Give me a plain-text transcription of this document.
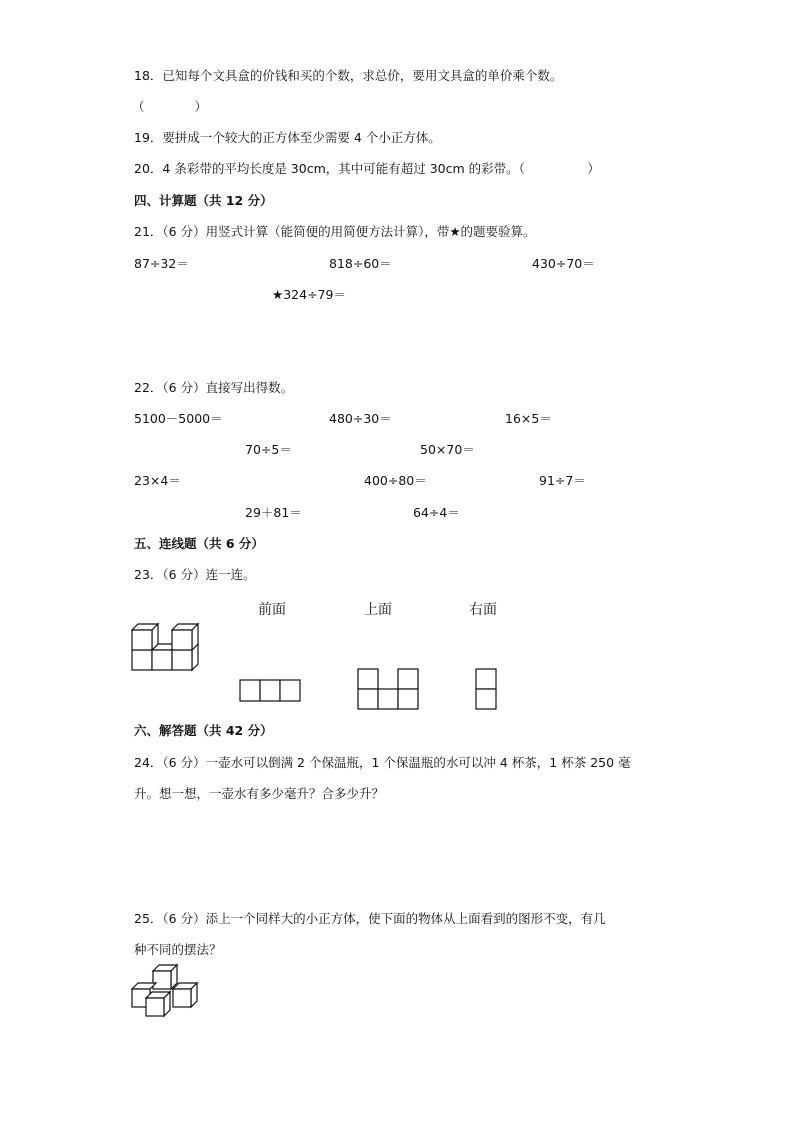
18．已知每个文具盒的价钱和买的个数，求总价，要用文具盒的单价乘个数。
（　　　　）
19．要拼成一个较大的正方体至少需要 4 个小正方体。
20．4 条彩带的平均长度是 30cm，其中可能有超过 30cm 的彩带。（　　　　　）
四、计算题（共 12 分）
21．（6 分）用竖式计算（能简便的用简便方法计算），带★的题要验算。
87÷32＝	818÷60＝	430÷70＝
★324÷79＝
22．（6 分）直接写出得数。
5100－5000＝	480÷30＝	16×5＝
70÷5＝	50×70＝
23×4＝	400÷80＝	91÷7＝
29＋81＝	64÷4＝
五、连线题（共 6 分）
23．（6 分）连一连。
前面	上面	右面
六、解答题（共 42 分）
24．（6 分）一壶水可以倒满 2 个保温瓶，1 个保温瓶的水可以冲 4 杯茶，1 杯茶 250 毫
升。想一想，一壶水有多少毫升？合多少升？
25．（6 分）添上一个同样大的小正方体，使下面的物体从上面看到的图形不变，有几
种不同的摆法？
